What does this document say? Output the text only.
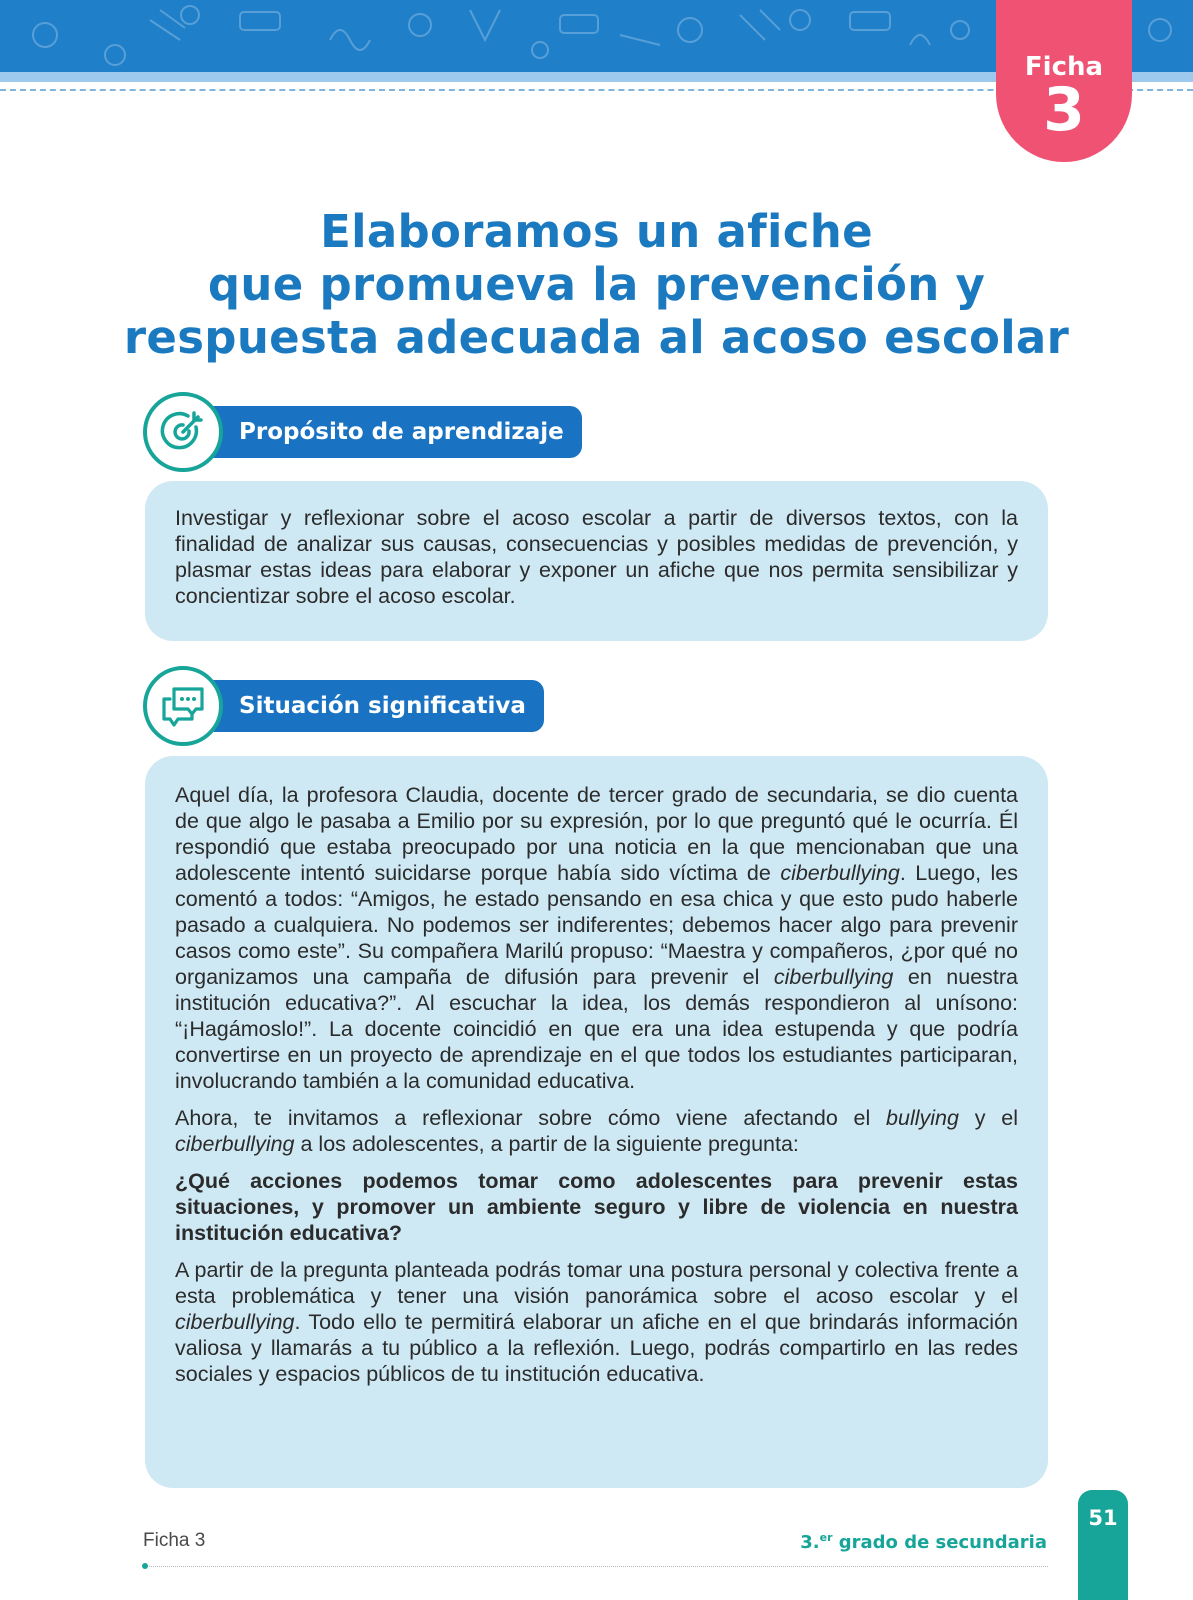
Ficha
3
Elaboramos un afiche
que promueva la prevención y
respuesta adecuada al acoso escolar
Propósito de aprendizaje

Investigar y reflexionar sobre el acoso escolar a partir de diversos textos, con la finalidad de analizar sus causas, consecuencias y posibles medidas de prevención, y plasmar estas ideas para elaborar y exponer un afiche que nos permita sensibilizar y concientizar sobre el acoso escolar.

Situación significativa

Aquel día, la profesora Claudia, docente de tercer grado de secundaria, se dio cuenta de que algo le pasaba a Emilio por su expresión, por lo que preguntó qué le ocurría. Él respondió que estaba preocupado por una noticia en la que mencionaban que una adolescente intentó suicidarse porque había sido víctima de ciberbullying. Luego, les comentó a todos: “Amigos, he estado pensando en esa chica y que esto pudo haberle pasado a cualquiera. No podemos ser indiferentes; debemos hacer algo para prevenir casos como este”. Su compañera Marilú propuso: “Maestra y compañeros, ¿por qué no organizamos una campaña de difusión para prevenir el ciberbullying en nuestra institución educativa?”. Al escuchar la idea, los demás respondieron al unísono: “¡Hagámoslo!”. La docente coincidió en que era una idea estupenda y que podría convertirse en un proyecto de aprendizaje en el que todos los estudiantes participaran, involucrando también a la comunidad educativa.

Ahora, te invitamos a reflexionar sobre cómo viene afectando el bullying y el ciberbullying a los adolescentes, a partir de la siguiente pregunta:

¿Qué acciones podemos tomar como adolescentes para prevenir estas situaciones, y promover un ambiente seguro y libre de violencia en nuestra institución educativa?

A partir de la pregunta planteada podrás tomar una postura personal y colectiva frente a esta problemática y tener una visión panorámica sobre el acoso escolar y el ciberbullying. Todo ello te permitirá elaborar un afiche en el que brindarás información valiosa y llamarás a tu público a la reflexión. Luego, podrás compartirlo en las redes sociales y espacios públicos de tu institución educativa.

Ficha 3	3.$^{er}$ grado de secundaria
51
